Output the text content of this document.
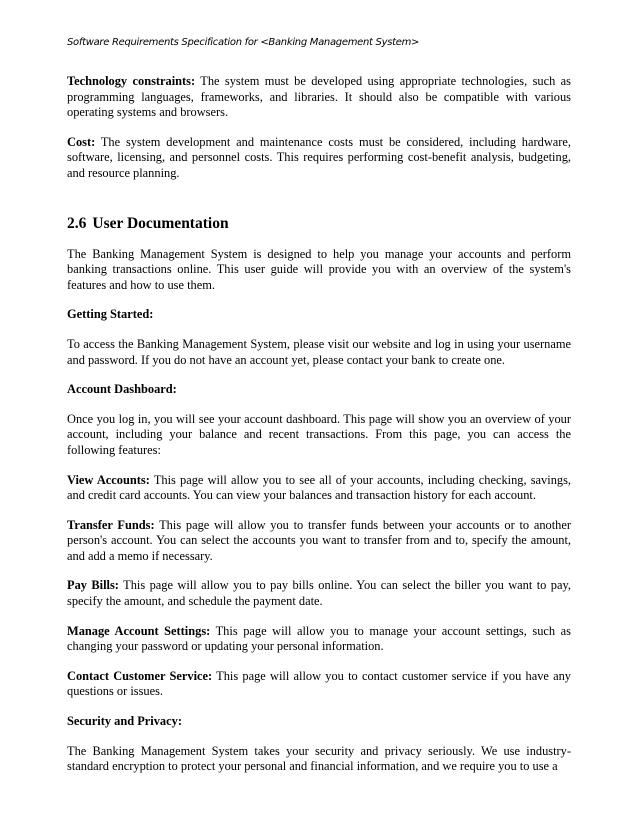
Software Requirements Specification for <Banking Management System>

Technology constraints: The system must be developed using appropriate technologies, such as programming languages, frameworks, and libraries. It should also be compatible with various operating systems and browsers.

Cost: The system development and maintenance costs must be considered, including hardware, software, licensing, and personnel costs. This requires performing cost-benefit analysis, budgeting, and resource planning.

2.6 User Documentation

The Banking Management System is designed to help you manage your accounts and perform banking transactions online. This user guide will provide you with an overview of the system's features and how to use them.

Getting Started:

To access the Banking Management System, please visit our website and log in using your username and password. If you do not have an account yet, please contact your bank to create one.

Account Dashboard:

Once you log in, you will see your account dashboard. This page will show you an overview of your account, including your balance and recent transactions. From this page, you can access the following features:

View Accounts: This page will allow you to see all of your accounts, including checking, savings, and credit card accounts. You can view your balances and transaction history for each account.

Transfer Funds: This page will allow you to transfer funds between your accounts or to another person's account. You can select the accounts you want to transfer from and to, specify the amount, and add a memo if necessary.

Pay Bills: This page will allow you to pay bills online. You can select the biller you want to pay, specify the amount, and schedule the payment date.

Manage Account Settings: This page will allow you to manage your account settings, such as changing your password or updating your personal information.

Contact Customer Service: This page will allow you to contact customer service if you have any questions or issues.

Security and Privacy:

The Banking Management System takes your security and privacy seriously. We use industry-standard encryption to protect your personal and financial information, and we require you to use a
